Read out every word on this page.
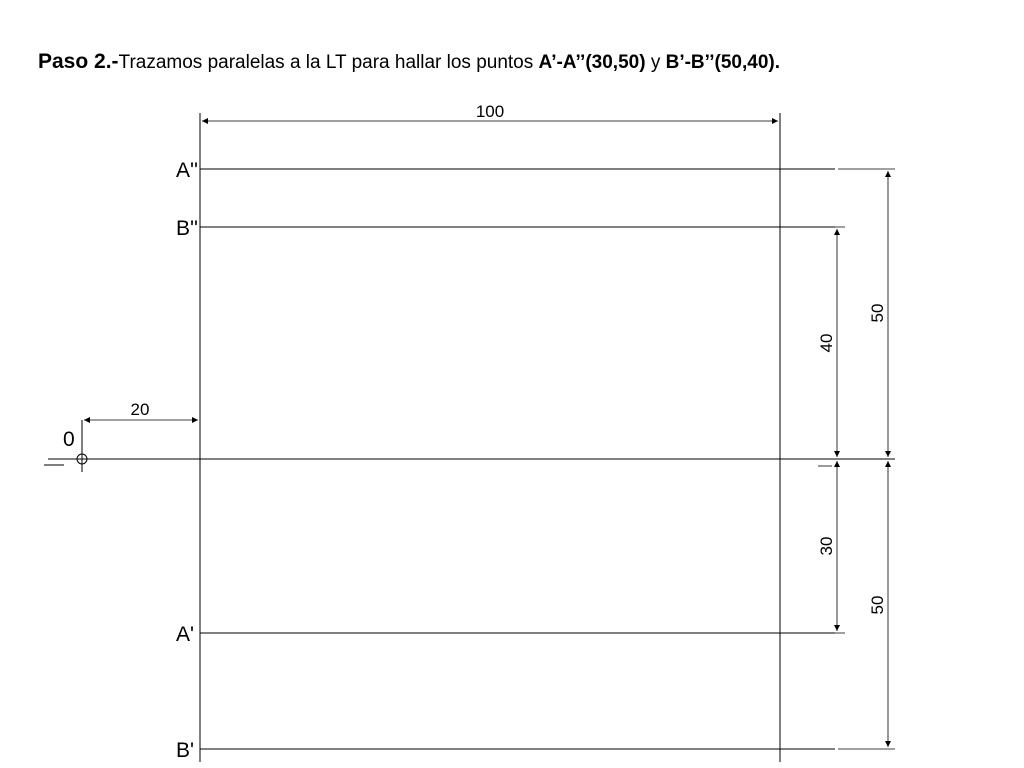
Paso 2.-Trazamos paralelas a la LT para hallar los puntos A’-A’’(30,50) y B’-B’’(50,40).
0
A''
B''
A'
B'
100
20
40
50
30
50
